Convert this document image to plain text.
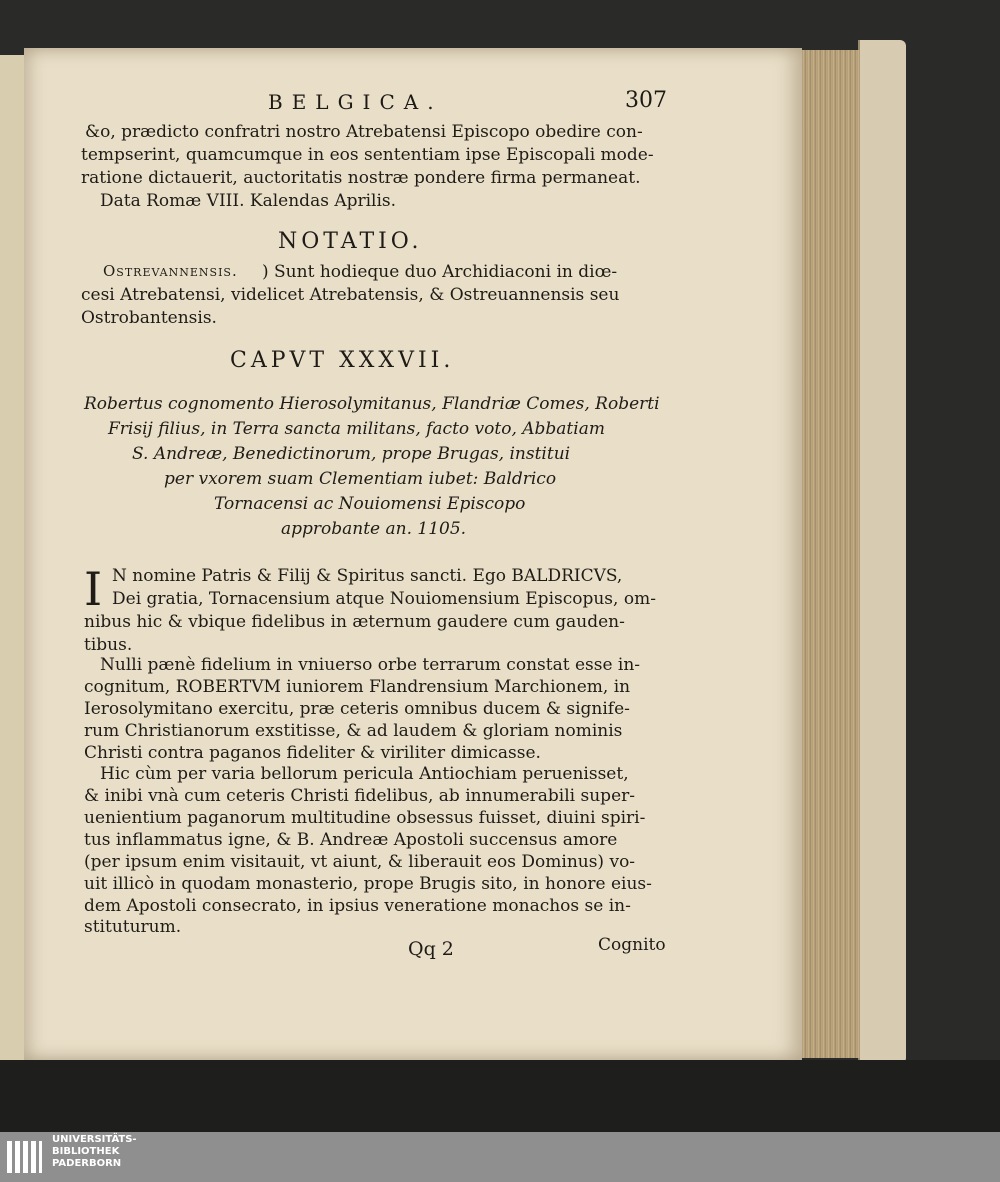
BELGICA.	307
&o, prædicto confratri nostro Atrebatensi Episcopo obedire con-
tempserint, quamcumque in eos sententiam ipse Episcopali mode-
ratione dictauerit, auctoritatis nostræ pondere firma permaneat.
Data Romæ VIII. Kalendas Aprilis.
NOTATIO.
Ostrevannensis. ) Sunt hodieque duo Archidiaconi in diœ-
cesi Atrebatensi, videlicet Atrebatensis, & Ostreuannensis seu
Ostrobantensis.
CAPVT XXXVII.
Robertus cognomento Hierosolymitanus, Flandriæ Comes, Roberti
Frisij filius, in Terra sancta militans, facto voto, Abbatiam
S. Andreæ, Benedictinorum, prope Brugas, institui
per vxorem suam Clementiam iubet: Baldrico
Tornacensi ac Nouiomensi Episcopo
approbante an. 1105.
I N nomine Patris & Filij & Spiritus sancti. Ego BALDRICVS,
Dei gratia, Tornacensium atque Nouiomensium Episcopus, om-
nibus hic & vbique fidelibus in æternum gaudere cum gauden-
tibus.
Nulli pænè fidelium in vniuerso orbe terrarum constat esse in-
cognitum, ROBERTVM iuniorem Flandrensium Marchionem, in
Ierosolymitano exercitu, præ ceteris omnibus ducem & signife-
rum Christianorum exstitisse, & ad laudem & gloriam nominis
Christi contra paganos fideliter & viriliter dimicasse.
Hic cùm per varia bellorum pericula Antiochiam peruenisset,
& inibi vnà cum ceteris Christi fidelibus, ab innumerabili super-
uenientium paganorum multitudine obsessus fuisset, diuini spiri-
tus inflammatus igne, & B. Andreæ Apostoli succensus amore
(per ipsum enim visitauit, vt aiunt, & liberauit eos Dominus) vo-
uit illicò in quodam monasterio, prope Brugis sito, in honore eius-
dem Apostoli consecrato, in ipsius veneratione monachos se in-
stituturum.
Qq 2	Cognito
UNIVERSITÄTS-
BIBLIOTHEK
PADERBORN
